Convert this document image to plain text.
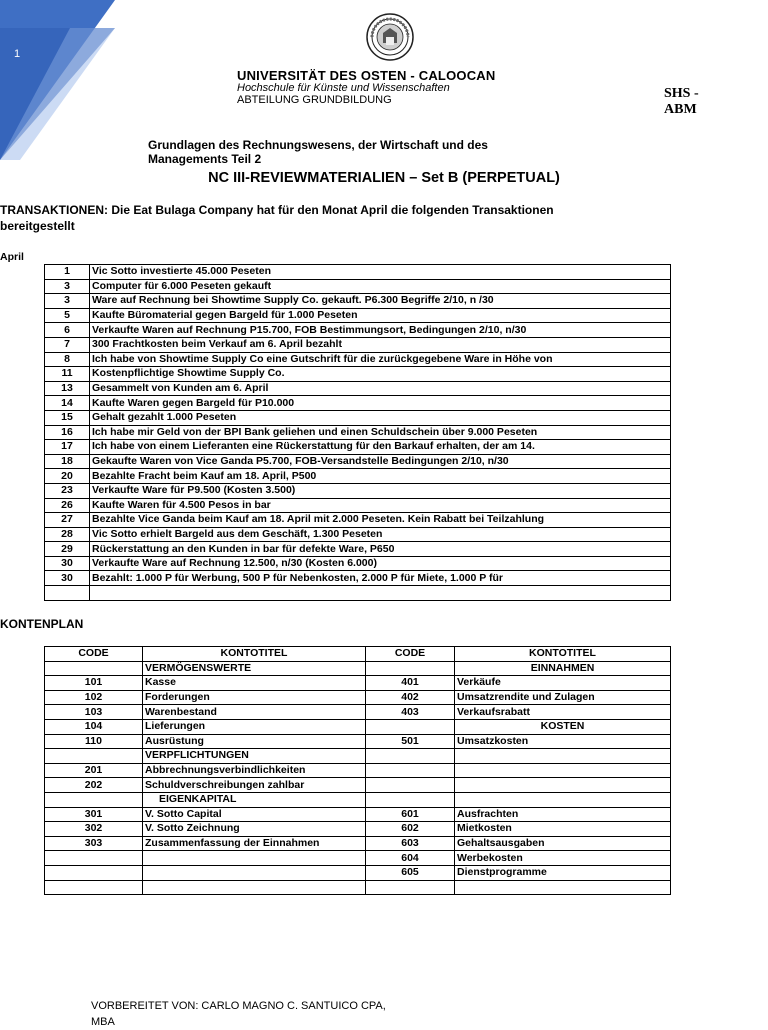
1
UNIVERSITÄT DES OSTEN - CALOOCAN
Hochschule für Künste und Wissenschaften
ABTEILUNG GRUNDBILDUNG	SHS -
ABM
Grundlagen des Rechnungswesens, der Wirtschaft und des
Managements Teil 2
NC III-REVIEWMATERIALIEN – Set B (PERPETUAL)
TRANSAKTIONEN: Die Eat Bulaga Company hat für den Monat April die folgenden Transaktionen
bereitgestellt
April
1	Vic Sotto investierte 45.000 Peseten
3	Computer für 6.000 Peseten gekauft
3	Ware auf Rechnung bei Showtime Supply Co. gekauft. P6.300 Begriffe 2/10, n /30
5	Kaufte Büromaterial gegen Bargeld für 1.000 Peseten
6	Verkaufte Waren auf Rechnung P15.700, FOB Bestimmungsort, Bedingungen 2/10, n/30
7	300 Frachtkosten beim Verkauf am 6. April bezahlt
8	Ich habe von Showtime Supply Co eine Gutschrift für die zurückgegebene Ware in Höhe von
11	Kostenpflichtige Showtime Supply Co.
13	Gesammelt von Kunden am 6. April
14	Kaufte Waren gegen Bargeld für P10.000
15	Gehalt gezahlt 1.000 Peseten
16	Ich habe mir Geld von der BPI Bank geliehen und einen Schuldschein über 9.000 Peseten
17	Ich habe von einem Lieferanten eine Rückerstattung für den Barkauf erhalten, der am 14.
18	Gekaufte Waren von Vice Ganda P5.700, FOB-Versandstelle Bedingungen 2/10, n/30
20	Bezahlte Fracht beim Kauf am 18. April, P500
23	Verkaufte Ware für P9.500 (Kosten 3.500)
26	Kaufte Waren für 4.500 Pesos in bar
27	Bezahlte Vice Ganda beim Kauf am 18. April mit 2.000 Peseten. Kein Rabatt bei Teilzahlung
28	Vic Sotto erhielt Bargeld aus dem Geschäft, 1.300 Peseten
29	Rückerstattung an den Kunden in bar für defekte Ware, P650
30	Verkaufte Ware auf Rechnung 12.500, n/30 (Kosten 6.000)
30	Bezahlt: 1.000 P für Werbung, 500 P für Nebenkosten, 2.000 P für Miete, 1.000 P für

KONTENPLAN
CODE	KONTOTITEL	CODE	KONTOTITEL
	VERMÖGENSWERTE		EINNAHMEN
101	Kasse	401	Verkäufe
102	Forderungen	402	Umsatzrendite und Zulagen
103	Warenbestand	403	Verkaufsrabatt
104	Lieferungen		KOSTEN
110	Ausrüstung	501	Umsatzkosten
	VERPFLICHTUNGEN		
201	Abbrechnungsverbindlichkeiten		
202	Schuldverschreibungen zahlbar		
	EIGENKAPITAL		
301	V. Sotto Capital	601	Ausfrachten
302	V. Sotto Zeichnung	602	Mietkosten
303	Zusammenfassung der Einnahmen	603	Gehaltsausgaben
		604	Werbekosten
		605	Dienstprogramme

VORBEREITET VON: CARLO MAGNO C. SANTUICO CPA,
MBA
